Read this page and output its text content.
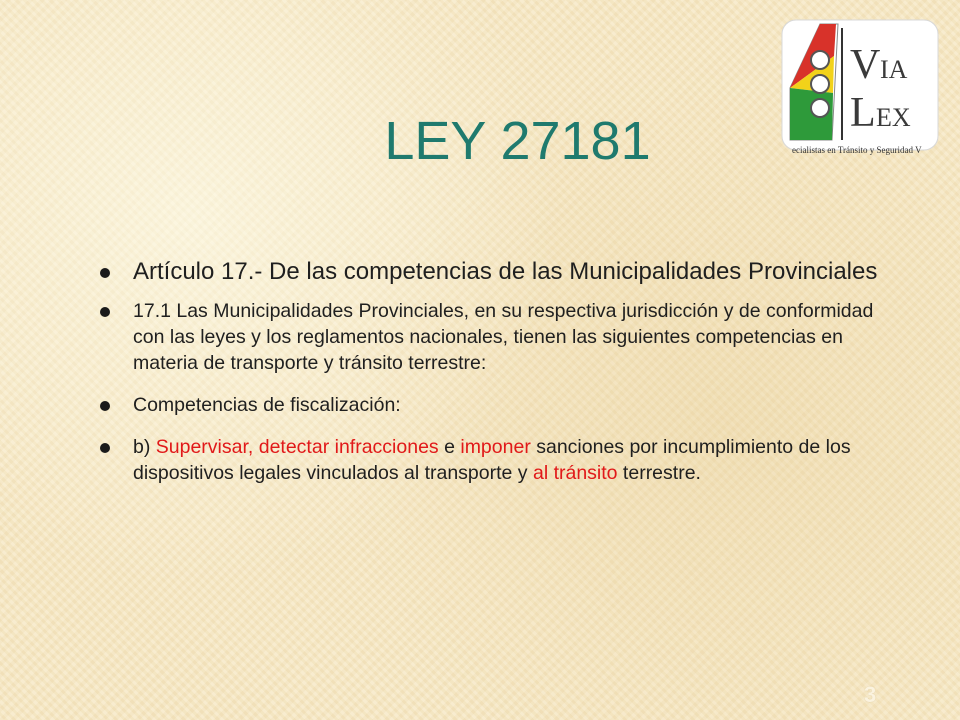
V IA
L EX
ecialistas en Tránsito y Seguridad V
LEY 27181
Artículo 17.- De las competencias de las Municipalidades Provinciales
17.1 Las Municipalidades Provinciales, en su respectiva jurisdicción y de conformidad con las leyes y los reglamentos nacionales, tienen las siguientes competencias en materia de transporte y tránsito terrestre:
Competencias de fiscalización:
b) Supervisar, detectar infracciones e imponer sanciones por incumplimiento de los dispositivos legales vinculados al transporte y al tránsito terrestre.
3
